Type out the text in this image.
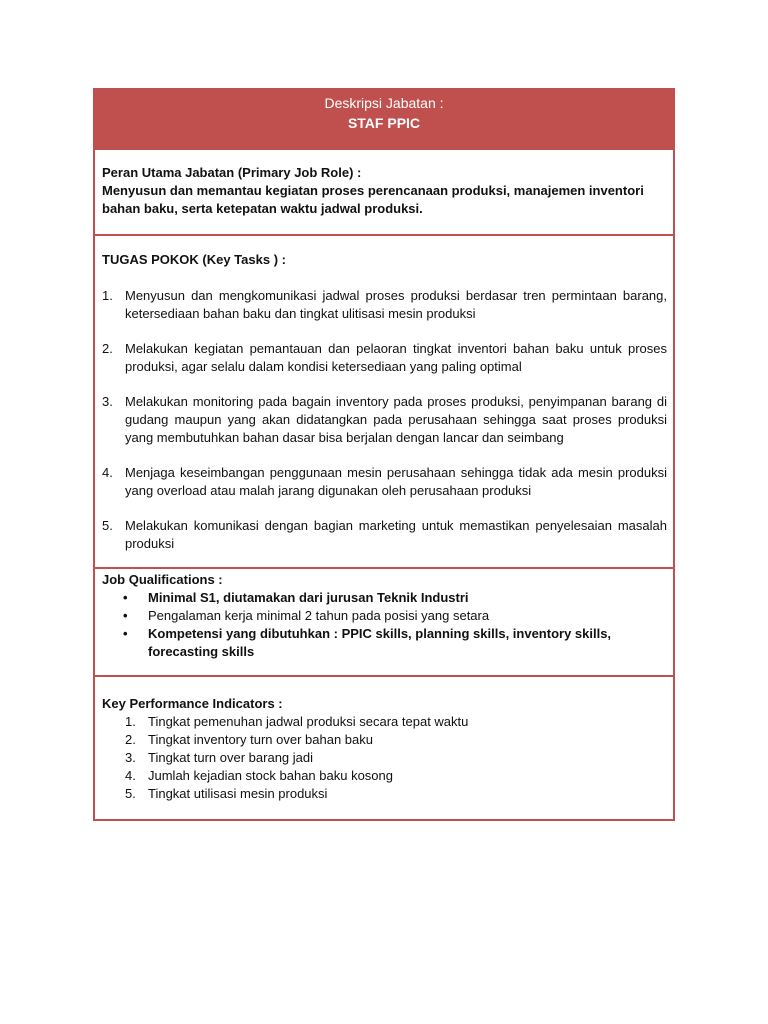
Deskripsi Jabatan :
STAF PPIC

Peran Utama Jabatan (Primary Job Role) :
Menyusun dan memantau kegiatan proses perencanaan produksi, manajemen inventori bahan baku, serta ketepatan waktu jadwal produksi.

TUGAS POKOK (Key Tasks ) :
1. Menyusun dan mengkomunikasi jadwal proses produksi berdasar tren permintaan barang, ketersediaan bahan baku dan tingkat ulitisasi mesin produksi
2. Melakukan kegiatan pemantauan dan pelaoran tingkat inventori bahan baku untuk proses produksi, agar selalu dalam kondisi ketersediaan yang paling optimal
3. Melakukan monitoring pada bagain inventory pada proses produksi, penyimpanan barang di gudang maupun yang akan didatangkan pada perusahaan sehingga saat proses produksi yang membutuhkan bahan dasar bisa berjalan dengan lancar dan seimbang
4. Menjaga keseimbangan penggunaan mesin perusahaan sehingga tidak ada mesin produksi yang overload atau malah jarang digunakan oleh perusahaan produksi
5. Melakukan komunikasi dengan bagian marketing untuk memastikan penyelesaian masalah produksi

Job Qualifications :
• Minimal S1, diutamakan dari jurusan Teknik Industri
• Pengalaman kerja minimal 2 tahun pada posisi yang setara
• Kompetensi yang dibutuhkan : PPIC skills, planning skills, inventory skills, forecasting skills

Key Performance Indicators :
1. Tingkat pemenuhan jadwal produksi secara tepat waktu
2. Tingkat inventory turn over bahan baku
3. Tingkat turn over barang jadi
4. Jumlah kejadian stock bahan baku kosong
5. Tingkat utilisasi mesin produksi
